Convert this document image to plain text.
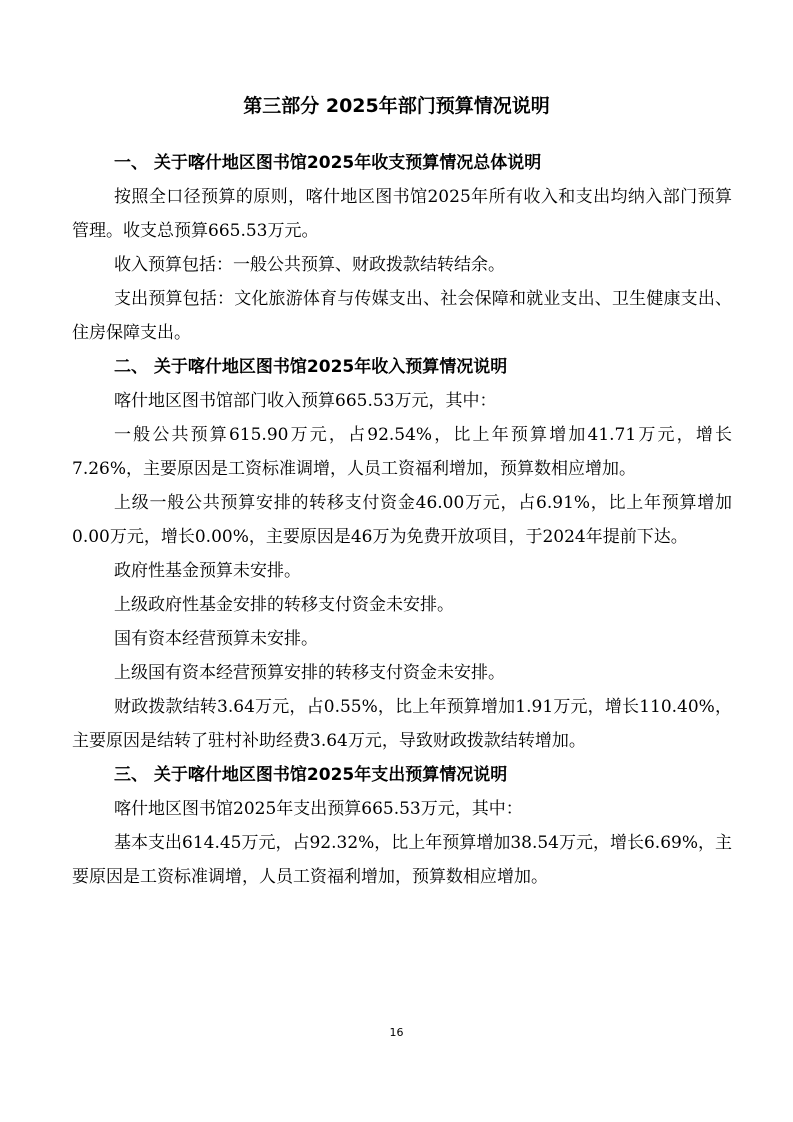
第三部分 2025年部门预算情况说明
一、 关于喀什地区图书馆2025年收支预算情况总体说明

按照全口径预算的原则，喀什地区图书馆2025年所有收入和支出均纳入部门预算管理。收支总预算665.53万元。

收入预算包括：一般公共预算、财政拨款结转结余。

支出预算包括：文化旅游体育与传媒支出、社会保障和就业支出、卫生健康支出、住房保障支出。

二、 关于喀什地区图书馆2025年收入预算情况说明

喀什地区图书馆部门收入预算665.53万元，其中：

一般公共预算615.90万元，占92.54%，比上年预算增加41.71万元，增长7.26%，主要原因是工资标准调增，人员工资福利增加，预算数相应增加。

上级一般公共预算安排的转移支付资金46.00万元，占6.91%，比上年预算增加0.00万元，增长0.00%，主要原因是46万为免费开放项目，于2024年提前下达。

政府性基金预算未安排。

上级政府性基金安排的转移支付资金未安排。

国有资本经营预算未安排。

上级国有资本经营预算安排的转移支付资金未安排。

财政拨款结转3.64万元，占0.55%，比上年预算增加1.91万元，增长110.40%，主要原因是结转了驻村补助经费3.64万元，导致财政拨款结转增加。

三、 关于喀什地区图书馆2025年支出预算情况说明

喀什地区图书馆2025年支出预算665.53万元，其中：

基本支出614.45万元，占92.32%，比上年预算增加38.54万元，增长6.69%，主要原因是工资标准调增，人员工资福利增加，预算数相应增加。

16
